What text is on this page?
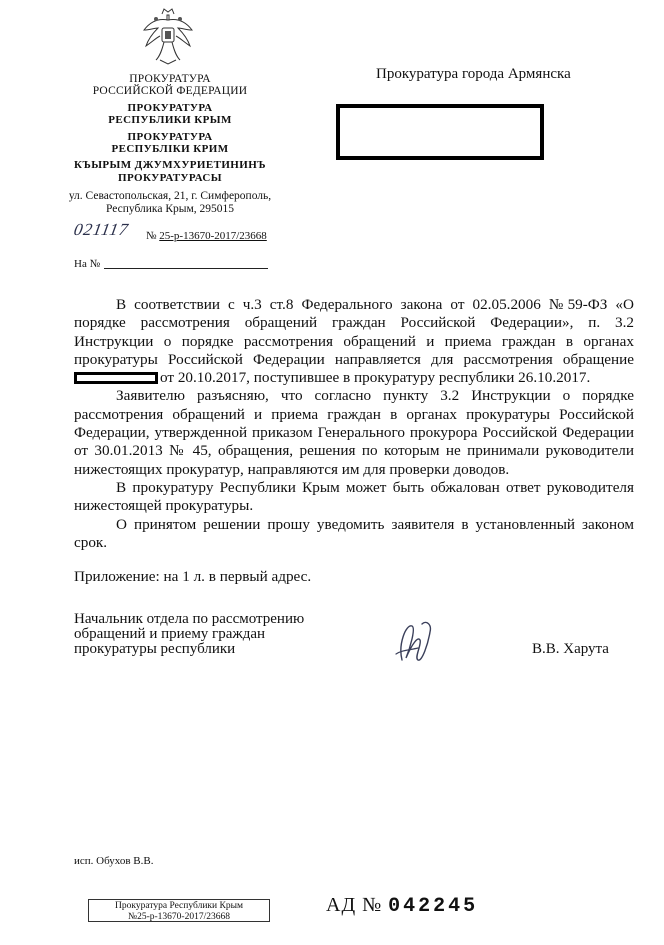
ПРОКУРАТУРА
РОССИЙСКОЙ ФЕДЕРАЦИИ
ПРОКУРАТУРА
РЕСПУБЛИКИ КРЫМ
ПРОКУРАТУРА
РЕСПУБЛІКИ КРИМ
КЪЫРЫМ ДЖУМХУРИЕТИНИНЪ
ПРОКУРАТУРАСЫ
ул. Севастопольская, 21, г. Симферополь,
Республика Крым, 295015
021117 № 25-р-13670-2017/23668
На №
Прокуратура города Армянска

В соответствии с ч.3 ст.8 Федерального закона от 02.05.2006 №59-ФЗ «О порядке рассмотрения обращений граждан Российской Федерации», п. 3.2 Инструкции о порядке рассмотрения обращений и приема граждан в органах прокуратуры Российской Федерации направляется для рассмотрения обращение от 20.10.2017, поступившее в прокуратуру республики 26.10.2017.

Заявителю разъясняю, что согласно пункту 3.2 Инструкции о порядке рассмотрения обращений и приема граждан в органах прокуратуры Российской Федерации, утвержденной приказом Генерального прокурора Российской Федерации от 30.01.2013 № 45, обращения, решения по которым не принимали руководители нижестоящих прокуратур, направляются им для проверки доводов.

В прокуратуру Республики Крым может быть обжалован ответ руководителя нижестоящей прокуратуры.

О принятом решении прошу уведомить заявителя в установленный законом срок.

Приложение: на 1 л. в первый адрес.
Начальник отдела по рассмотрению
обращений и приему граждан
прокуратуры республики	В.В. Харута
исп. Обухов В.В.
Прокуратура Республики Крым
№25-р-13670-2017/23668
АД № 042245
